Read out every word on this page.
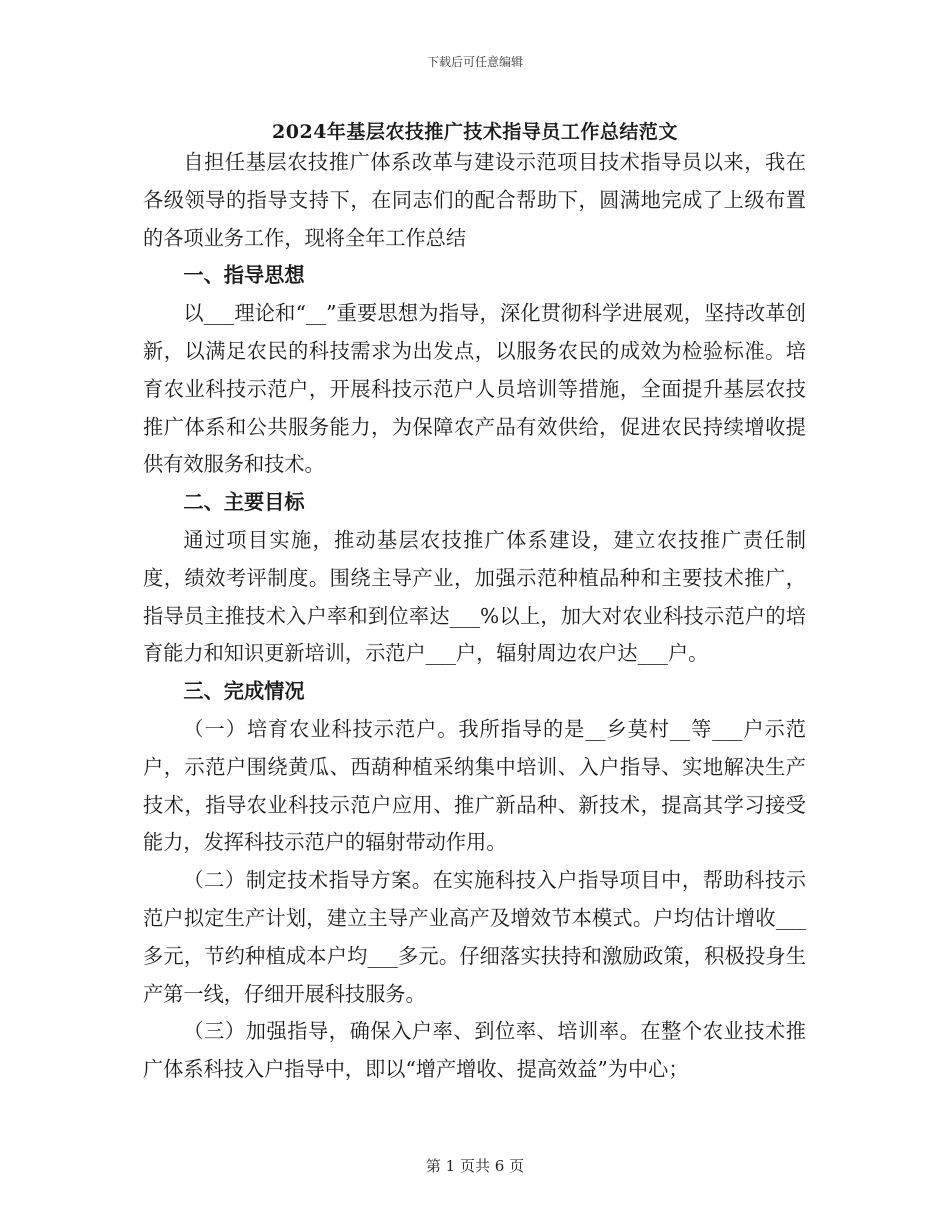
下载后可任意编辑
2024年基层农技推广技术指导员工作总结范文

自担任基层农技推广体系改革与建设示范项目技术指导员以来，我在各级领导的指导支持下，在同志们的配合帮助下，圆满地完成了上级布置的各项业务工作，现将全年工作总结

一、指导思想

以___理论和“__”重要思想为指导，深化贯彻科学进展观，坚持改革创新，以满足农民的科技需求为出发点，以服务农民的成效为检验标准。培育农业科技示范户，开展科技示范户人员培训等措施，全面提升基层农技推广体系和公共服务能力，为保障农产品有效供给，促进农民持续增收提供有效服务和技术。

二、主要目标

通过项目实施，推动基层农技推广体系建设，建立农技推广责任制度，绩效考评制度。围绕主导产业，加强示范种植品种和主要技术推广，指导员主推技术入户率和到位率达___%以上，加大对农业科技示范户的培育能力和知识更新培训，示范户___户，辐射周边农户达___户。

三、完成情况

（一）培育农业科技示范户。我所指导的是__乡莫村__等___户示范户，示范户围绕黄瓜、西葫种植采纳集中培训、入户指导、实地解决生产技术，指导农业科技示范户应用、推广新品种、新技术，提高其学习接受能力，发挥科技示范户的辐射带动作用。

（二）制定技术指导方案。在实施科技入户指导项目中，帮助科技示范户拟定生产计划，建立主导产业高产及增效节本模式。户均估计增收___多元，节约种植成本户均___多元。仔细落实扶持和激励政策，积极投身生产第一线，仔细开展科技服务。

（三）加强指导，确保入户率、到位率、培训率。在整个农业技术推广体系科技入户指导中，即以“增产增收、提高效益”为中心；

第 1 页共 6 页
